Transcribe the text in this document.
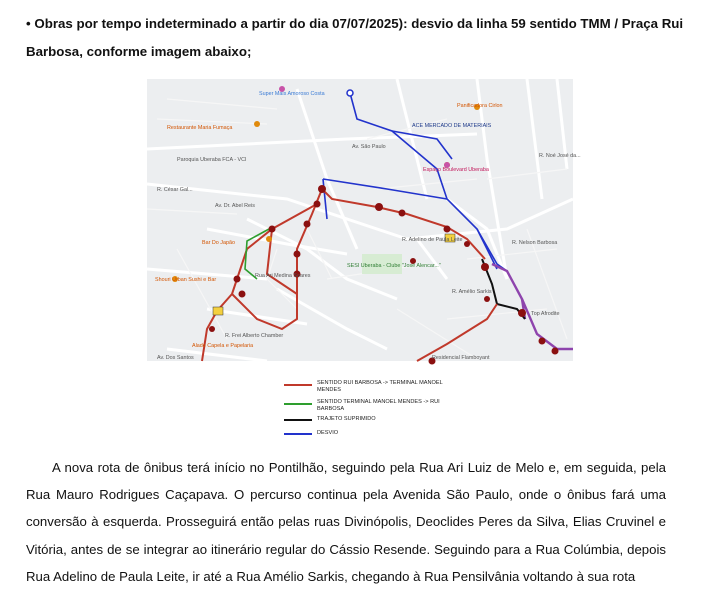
• Obras por tempo indeterminado a partir do dia 07/07/2025): desvio da linha 59 sentido TMM / Praça Rui Barbosa, conforme imagem abaixo;
Super Mais Amoroso Costa
Restaurante Maria Fumaça
Paroquia Uberaba FCA - VCI
Av. São Paulo
R. César Gal...
Av. Dr. Abel Reis
Bar Do Japão
Shouri Urban Sushi e Bar
SESI Uberaba - Clube "José Alencar..."
Espaço Boulevard Uberaba
Panificadora Cirlon
R. Noé José da...
R. Nelson Barbosa
Top Afrodite
R. Frei Alberto Chamber
Residencial Flamboyant
Alado Capela e Papelaria
Av. Dos Santos
R. Adelino de Paula Leite
R. Amélio Sarkis
ACE MERCADO DE MATERIAIS
Rua Ari Medina Soares
SENTIDO RUI BARBOSA -> TERMINAL MANOEL MENDES
SENTIDO TERMINAL MANOEL MENDES -> RUI BARBOSA
TRAJETO SUPRIMIDO
DESVIO

A nova rota de ônibus terá início no Pontilhão, seguindo pela Rua Ari Luiz de Melo e, em seguida, pela Rua Mauro Rodrigues Caçapava. O percurso continua pela Avenida São Paulo, onde o ônibus fará uma conversão à esquerda. Prosseguirá então pelas ruas Divinópolis, Deoclides Peres da Silva, Elias Cruvinel e Vitória, antes de se integrar ao itinerário regular do Cássio Resende. Seguindo para a Rua Colúmbia, depois Rua Adelino de Paula Leite, ir até a Rua Amélio Sarkis, chegando à Rua Pensilvânia voltando à sua rota
